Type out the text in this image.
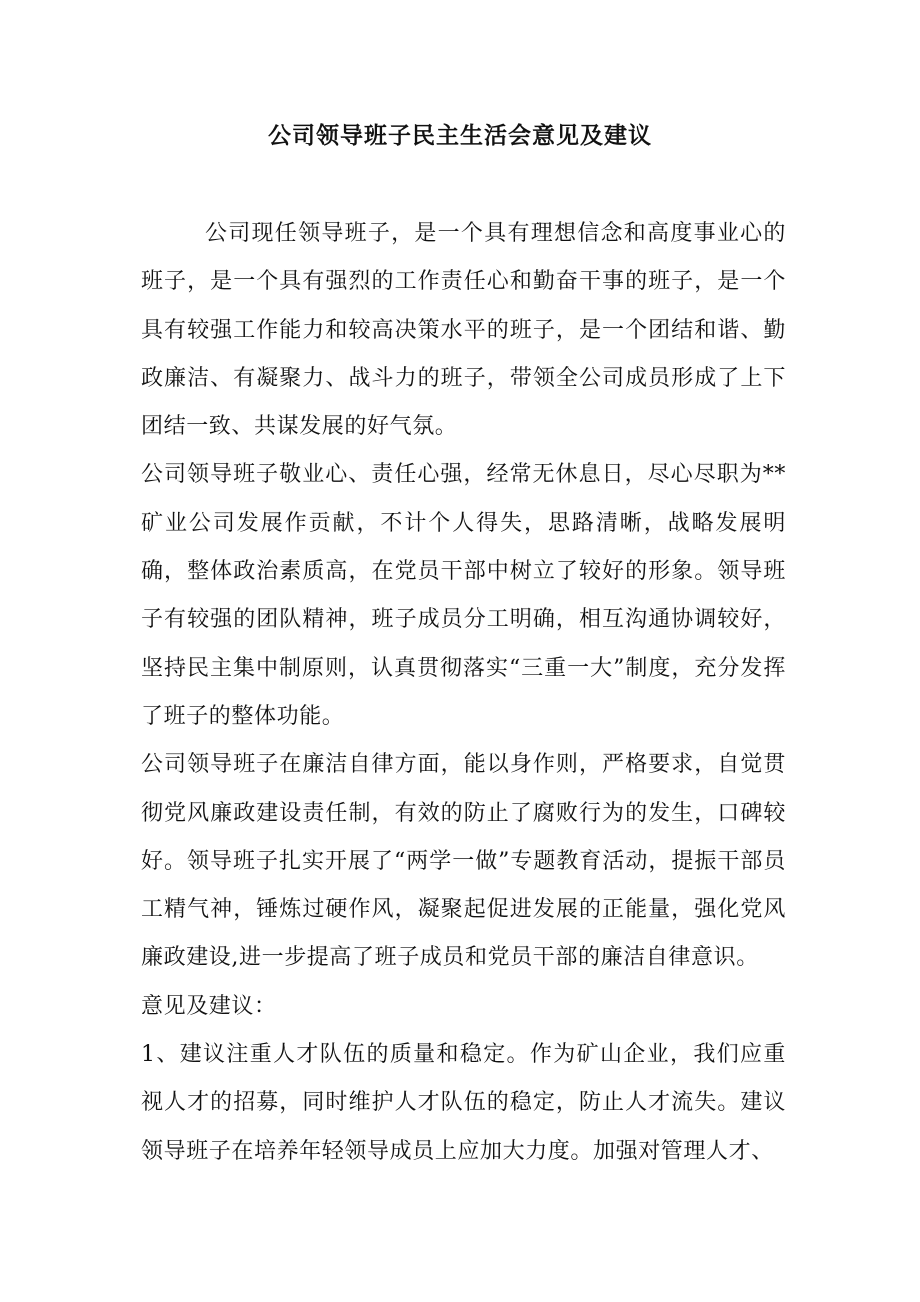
公司领导班子民主生活会意见及建议

公司现任领导班子，是一个具有理想信念和高度事业心的班子，是一个具有强烈的工作责任心和勤奋干事的班子，是一个具有较强工作能力和较高决策水平的班子，是一个团结和谐、勤政廉洁、有凝聚力、战斗力的班子，带领全公司成员形成了上下团结一致、共谋发展的好气氛。

公司领导班子敬业心、责任心强，经常无休息日，尽心尽职为**矿业公司发展作贡献，不计个人得失，思路清晰，战略发展明确，整体政治素质高，在党员干部中树立了较好的形象。领导班子有较强的团队精神，班子成员分工明确，相互沟通协调较好，坚持民主集中制原则，认真贯彻落实“三重一大”制度，充分发挥了班子的整体功能。

公司领导班子在廉洁自律方面，能以身作则，严格要求，自觉贯彻党风廉政建设责任制，有效的防止了腐败行为的发生，口碑较好。领导班子扎实开展了“两学一做”专题教育活动，提振干部员工精气神，锤炼过硬作风，凝聚起促进发展的正能量，强化党风廉政建设,进一步提高了班子成员和党员干部的廉洁自律意识。

意见及建议：

1、建议注重人才队伍的质量和稳定。作为矿山企业，我们应重视人才的招募，同时维护人才队伍的稳定，防止人才流失。建议领导班子在培养年轻领导成员上应加大力度。加强对管理人才、
